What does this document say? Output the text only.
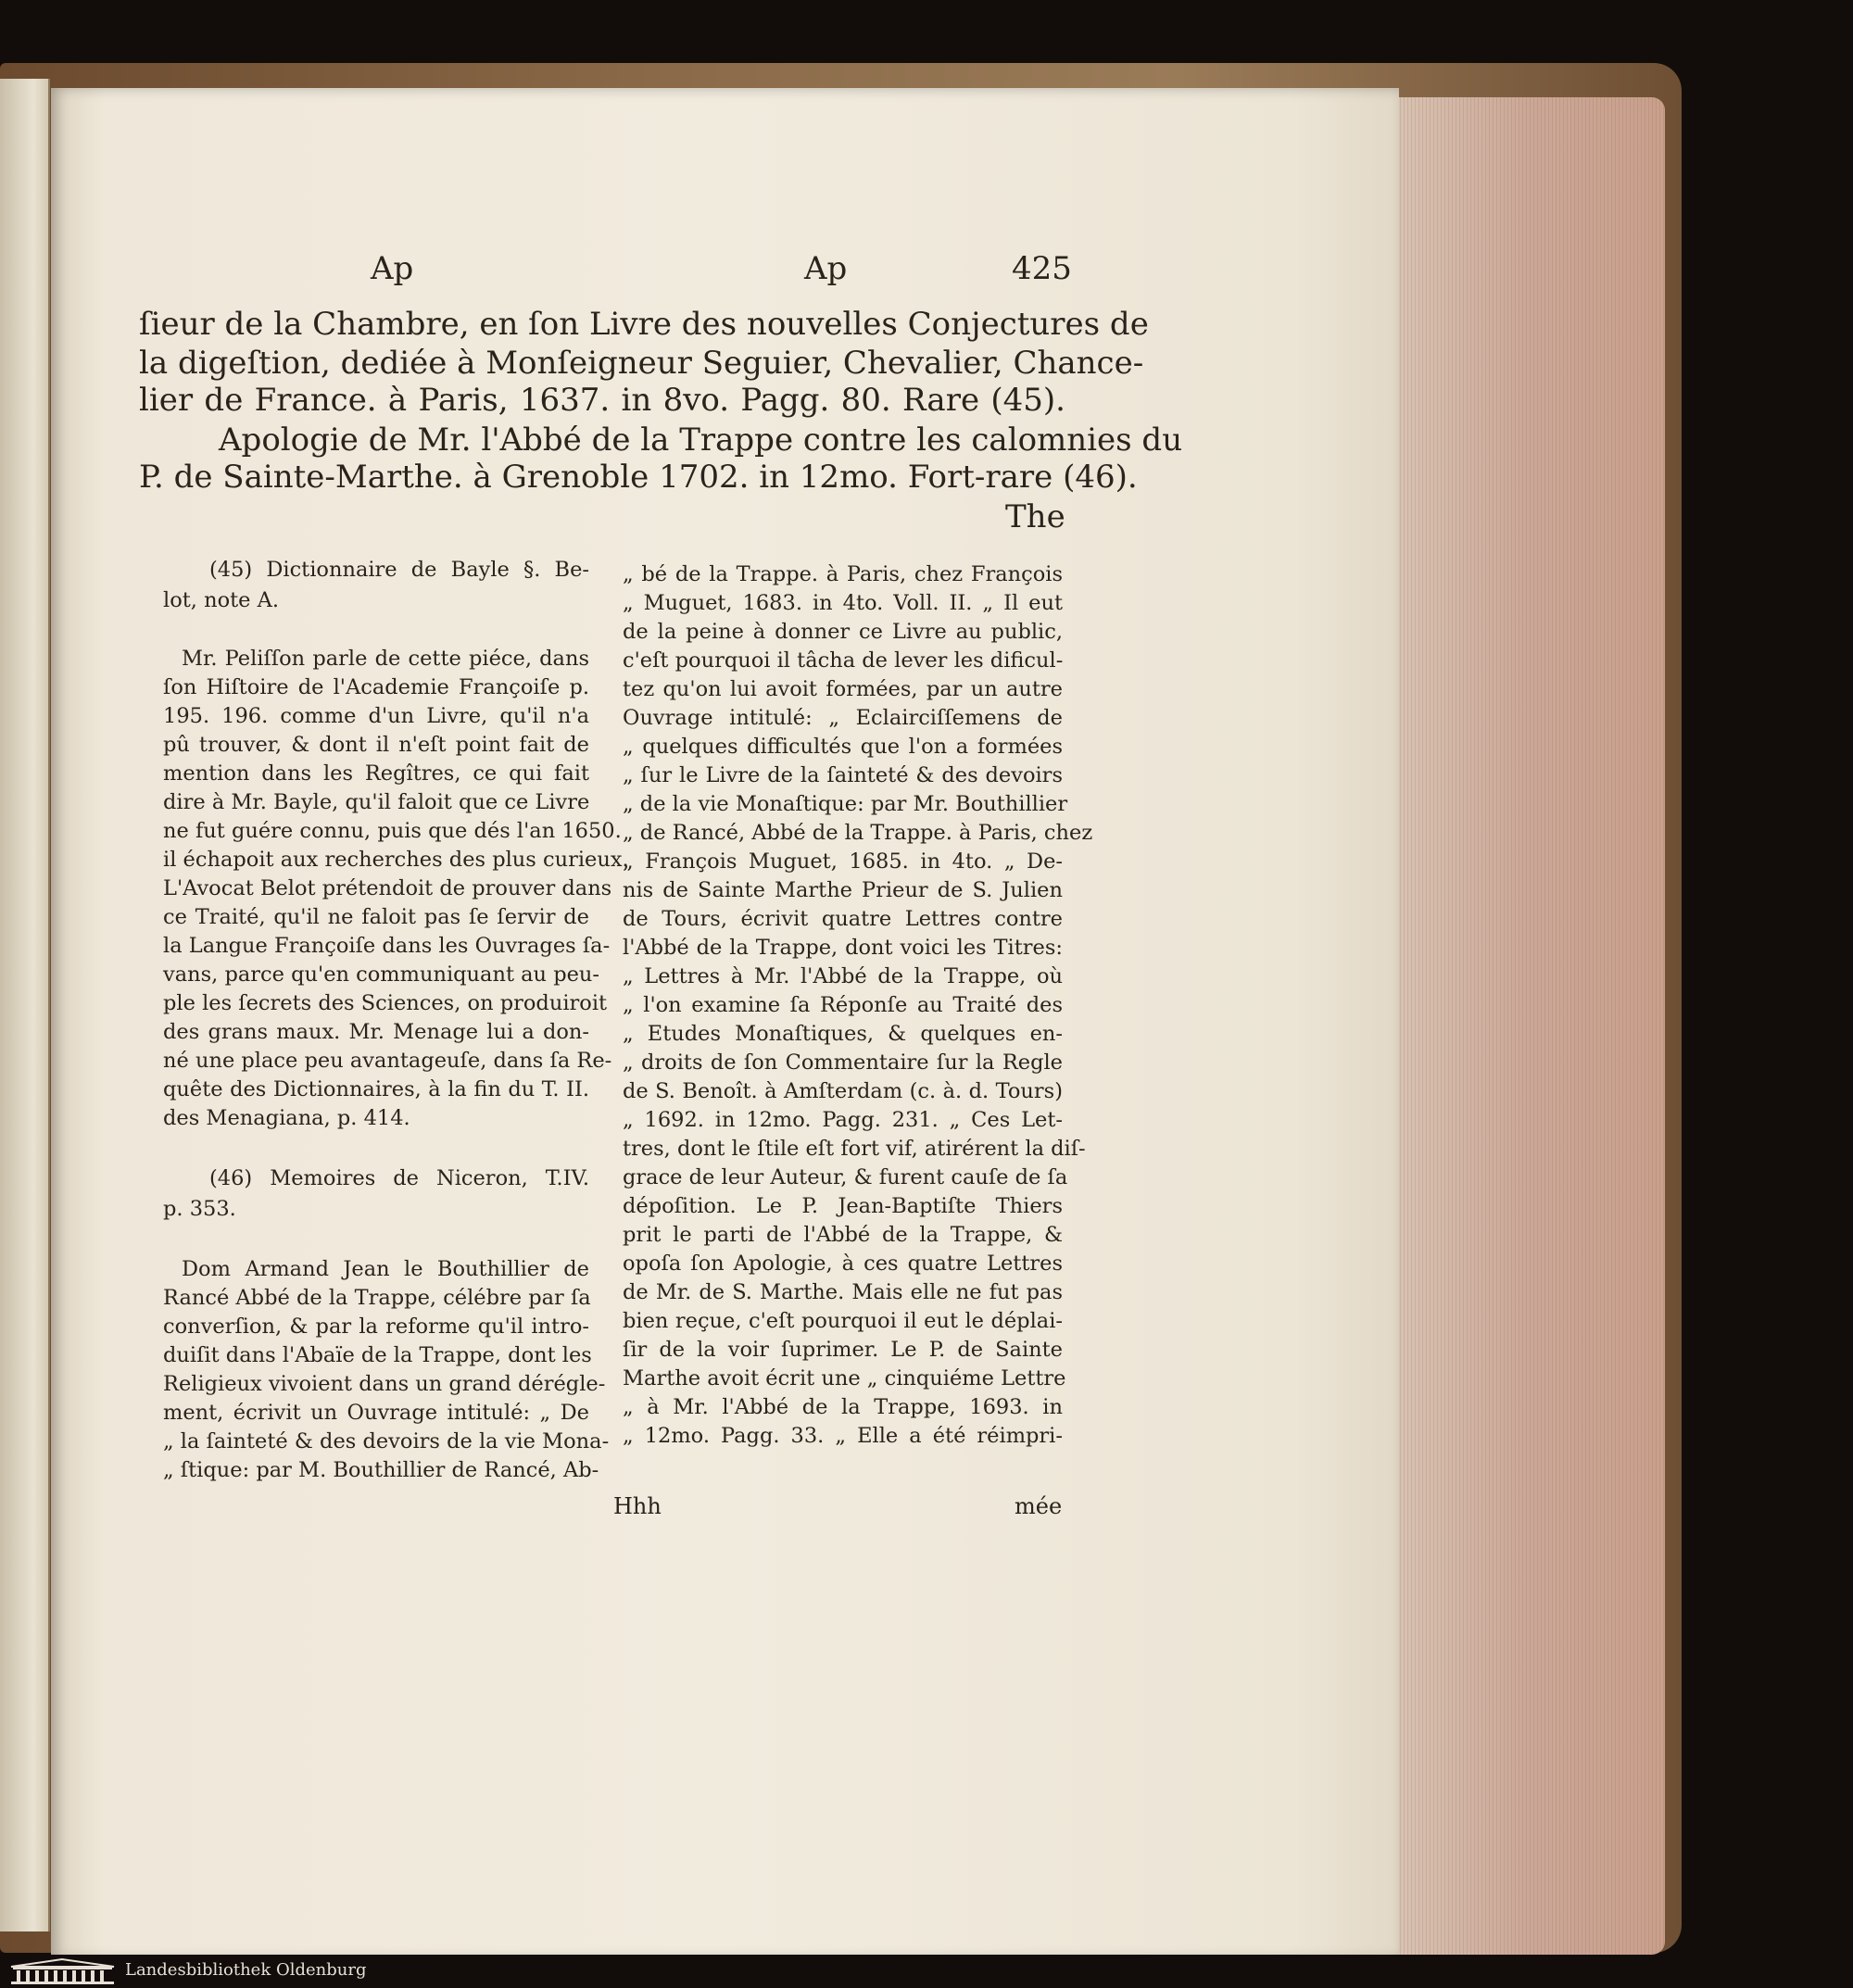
Ap	Ap	425
ſieur de la Chambre, en ſon Livre des nouvelles Conjectures de
la digeſtion, dediée à Monſeigneur Seguier, Chevalier, Chance-
lier de France. à Paris, 1637. in 8vo. Pagg. 80. Rare (45).
Apologie de Mr. l'Abbé de la Trappe contre les calomnies du
P. de Sainte-Marthe. à Grenoble 1702. in 12mo. Fort-rare (46).
The
(45) Dictionnaire de Bayle §. Be-
lot, note A.
Mr. Peliſſon parle de cette piéce, dans
ſon Hiſtoire de l'Academie Françoiſe p.
195. 196. comme d'un Livre, qu'il n'a
pû trouver, & dont il n'eſt point fait de
mention dans les Regîtres, ce qui fait
dire à Mr. Bayle, qu'il faloit que ce Livre
ne fut guére connu, puis que dés l'an 1650.
il échapoit aux recherches des plus curieux.
L'Avocat Belot prétendoit de prouver dans
ce Traité, qu'il ne faloit pas ſe ſervir de
la Langue Françoiſe dans les Ouvrages ſa-
vans, parce qu'en communiquant au peu-
ple les ſecrets des Sciences, on produiroit
des grans maux. Mr. Menage lui a don-
né une place peu avantageuſe, dans ſa Re-
quête des Dictionnaires, à la fin du T. II.
des Menagiana, p. 414.
(46) Memoires de Niceron, T.IV.
p. 353.
Dom Armand Jean le Bouthillier de
Rancé Abbé de la Trappe, célébre par ſa
converſion, & par la reforme qu'il intro-
duiſit dans l'Abaïe de la Trappe, dont les
Religieux vivoient dans un grand dérégle-
ment, écrivit un Ouvrage intitulé: „ De
„ la ſainteté & des devoirs de la vie Mona-
„ ſtique: par M. Bouthillier de Rancé, Ab-
„ bé de la Trappe. à Paris, chez François
„ Muguet, 1683. in 4to. Voll. II. „ Il eut
de la peine à donner ce Livre au public,
c'eſt pourquoi il tâcha de lever les dificul-
tez qu'on lui avoit formées, par un autre
Ouvrage intitulé: „ Eclairciſſemens de
„ quelques difficultés que l'on a formées
„ ſur le Livre de la ſainteté & des devoirs
„ de la vie Monaſtique: par Mr. Bouthillier
„ de Rancé, Abbé de la Trappe. à Paris, chez
„ François Muguet, 1685. in 4to. „ De-
nis de Sainte Marthe Prieur de S. Julien
de Tours, écrivit quatre Lettres contre
l'Abbé de la Trappe, dont voici les Titres:
„ Lettres à Mr. l'Abbé de la Trappe, où
„ l'on examine ſa Réponſe au Traité des
„ Etudes Monaſtiques, & quelques en-
„ droits de ſon Commentaire ſur la Regle
de S. Benoît. à Amſterdam (c. à. d. Tours)
„ 1692. in 12mo. Pagg. 231. „ Ces Let-
tres, dont le ſtile eſt fort vif, atirérent la diſ-
grace de leur Auteur, & furent cauſe de ſa
dépoſition. Le P. Jean-Baptiſte Thiers
prit le parti de l'Abbé de la Trappe, &
opoſa ſon Apologie, à ces quatre Lettres
de Mr. de S. Marthe. Mais elle ne fut pas
bien reçue, c'eſt pourquoi il eut le déplai-
ſir de la voir ſuprimer. Le P. de Sainte
Marthe avoit écrit une „ cinquiéme Lettre
„ à Mr. l'Abbé de la Trappe, 1693. in
„ 12mo. Pagg. 33. „ Elle a été réimpri-
Hhh	mée
Landesbibliothek Oldenburg
